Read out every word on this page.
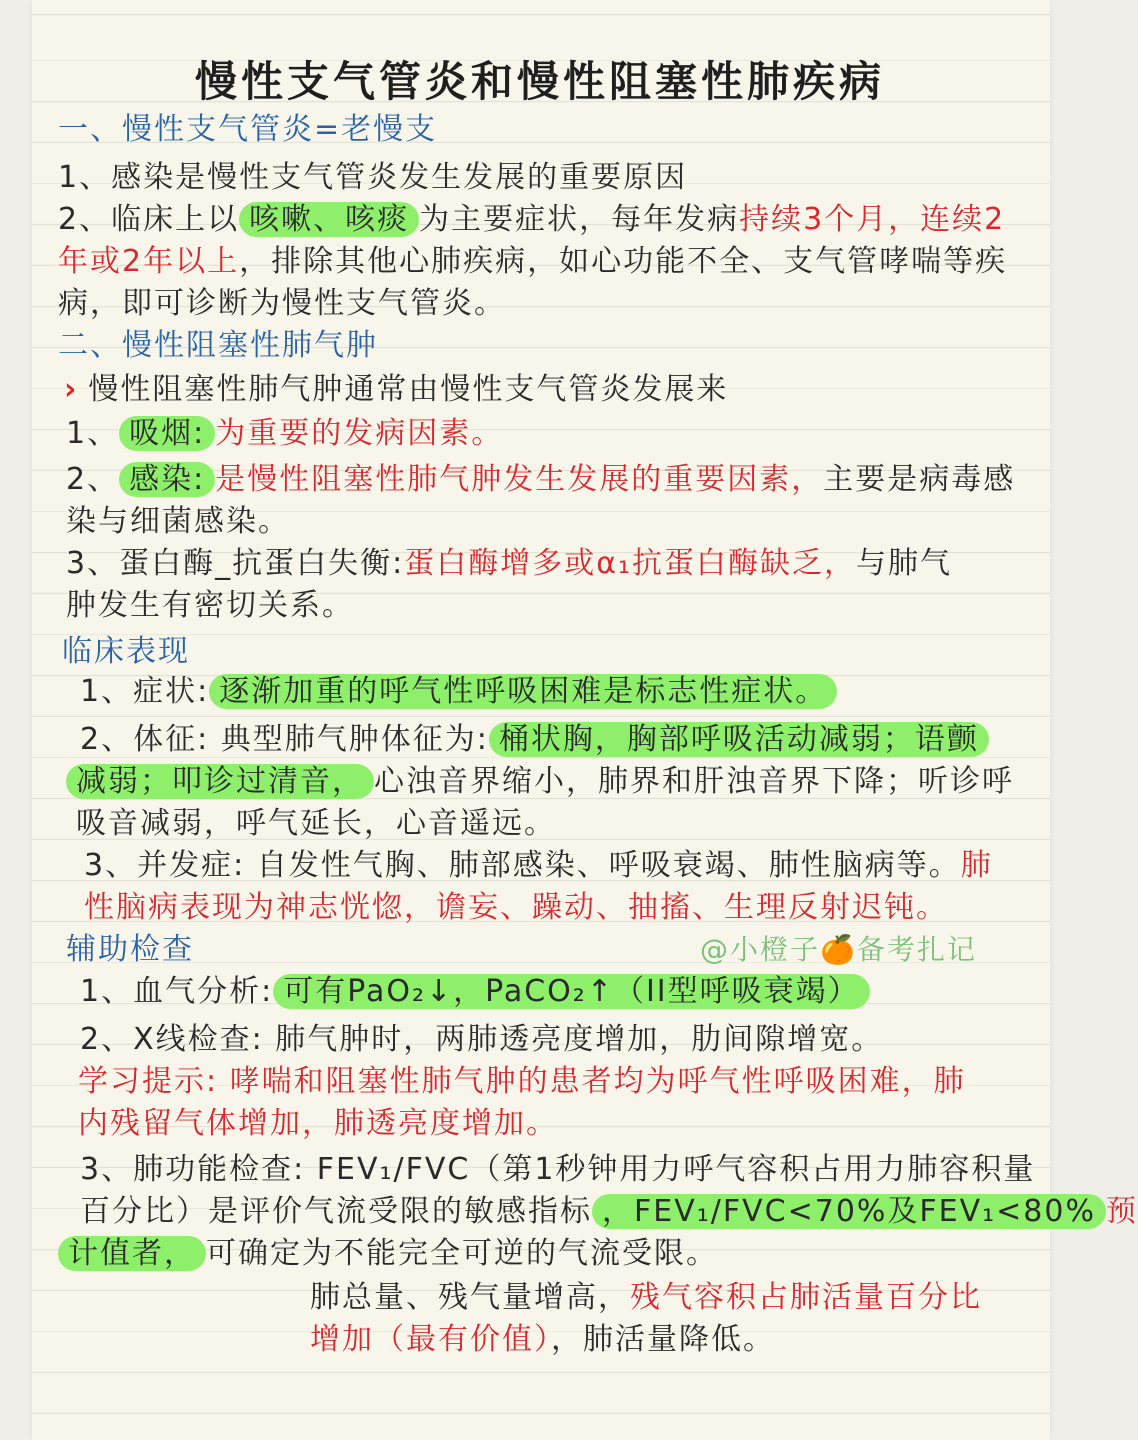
慢性支气管炎和慢性阻塞性肺疾病
一、慢性支气管炎=老慢支
1、感染是慢性支气管炎发生发展的重要原因
2、临床上以 咳嗽、咳痰 为主要症状，每年发病持续3个月，连续2
年或2年以上，排除其他心肺疾病，如心功能不全、支气管哮喘等疾
病，即可诊断为慢性支气管炎。
二、慢性阻塞性肺气肿
› 慢性阻塞性肺气肿通常由慢性支气管炎发展来
1、 吸烟: 为重要的发病因素。
2、 感染: 是慢性阻塞性肺气肿发生发展的重要因素，主要是病毒感
染与细菌感染。
3、蛋白酶_抗蛋白失衡:蛋白酶增多或α₁抗蛋白酶缺乏，与肺气
肿发生有密切关系。
临床表现
1、症状: 逐渐加重的呼气性呼吸困难是标志性症状。
2、体征: 典型肺气肿体征为: 桶状胸，胸部呼吸活动减弱；语颤
减弱；叩诊过清音， 心浊音界缩小，肺界和肝浊音界下降；听诊呼
吸音减弱，呼气延长，心音遥远。
3、并发症: 自发性气胸、肺部感染、呼吸衰竭、肺性脑病等。肺
性脑病表现为神志恍惚，谵妄、躁动、抽搐、生理反射迟钝。
辅助检查	@小橙子🍊备考扎记
1、血气分析: 可有PaO₂↓，PaCO₂↑（II型呼吸衰竭）
2、X线检查: 肺气肿时，两肺透亮度增加，肋间隙增宽。
学习提示: 哮喘和阻塞性肺气肿的患者均为呼气性呼吸困难，肺
内残留气体增加，肺透亮度增加。
3、肺功能检查: FEV₁/FVC（第1秒钟用力呼气容积占用力肺容积量
百分比）是评价气流受限的敏感指标 ，FEV₁/FVC<70%及FEV₁<80% 预
计值者， 可确定为不能完全可逆的气流受限。
肺总量、残气量增高，残气容积占肺活量百分比
增加（最有价值），肺活量降低。
